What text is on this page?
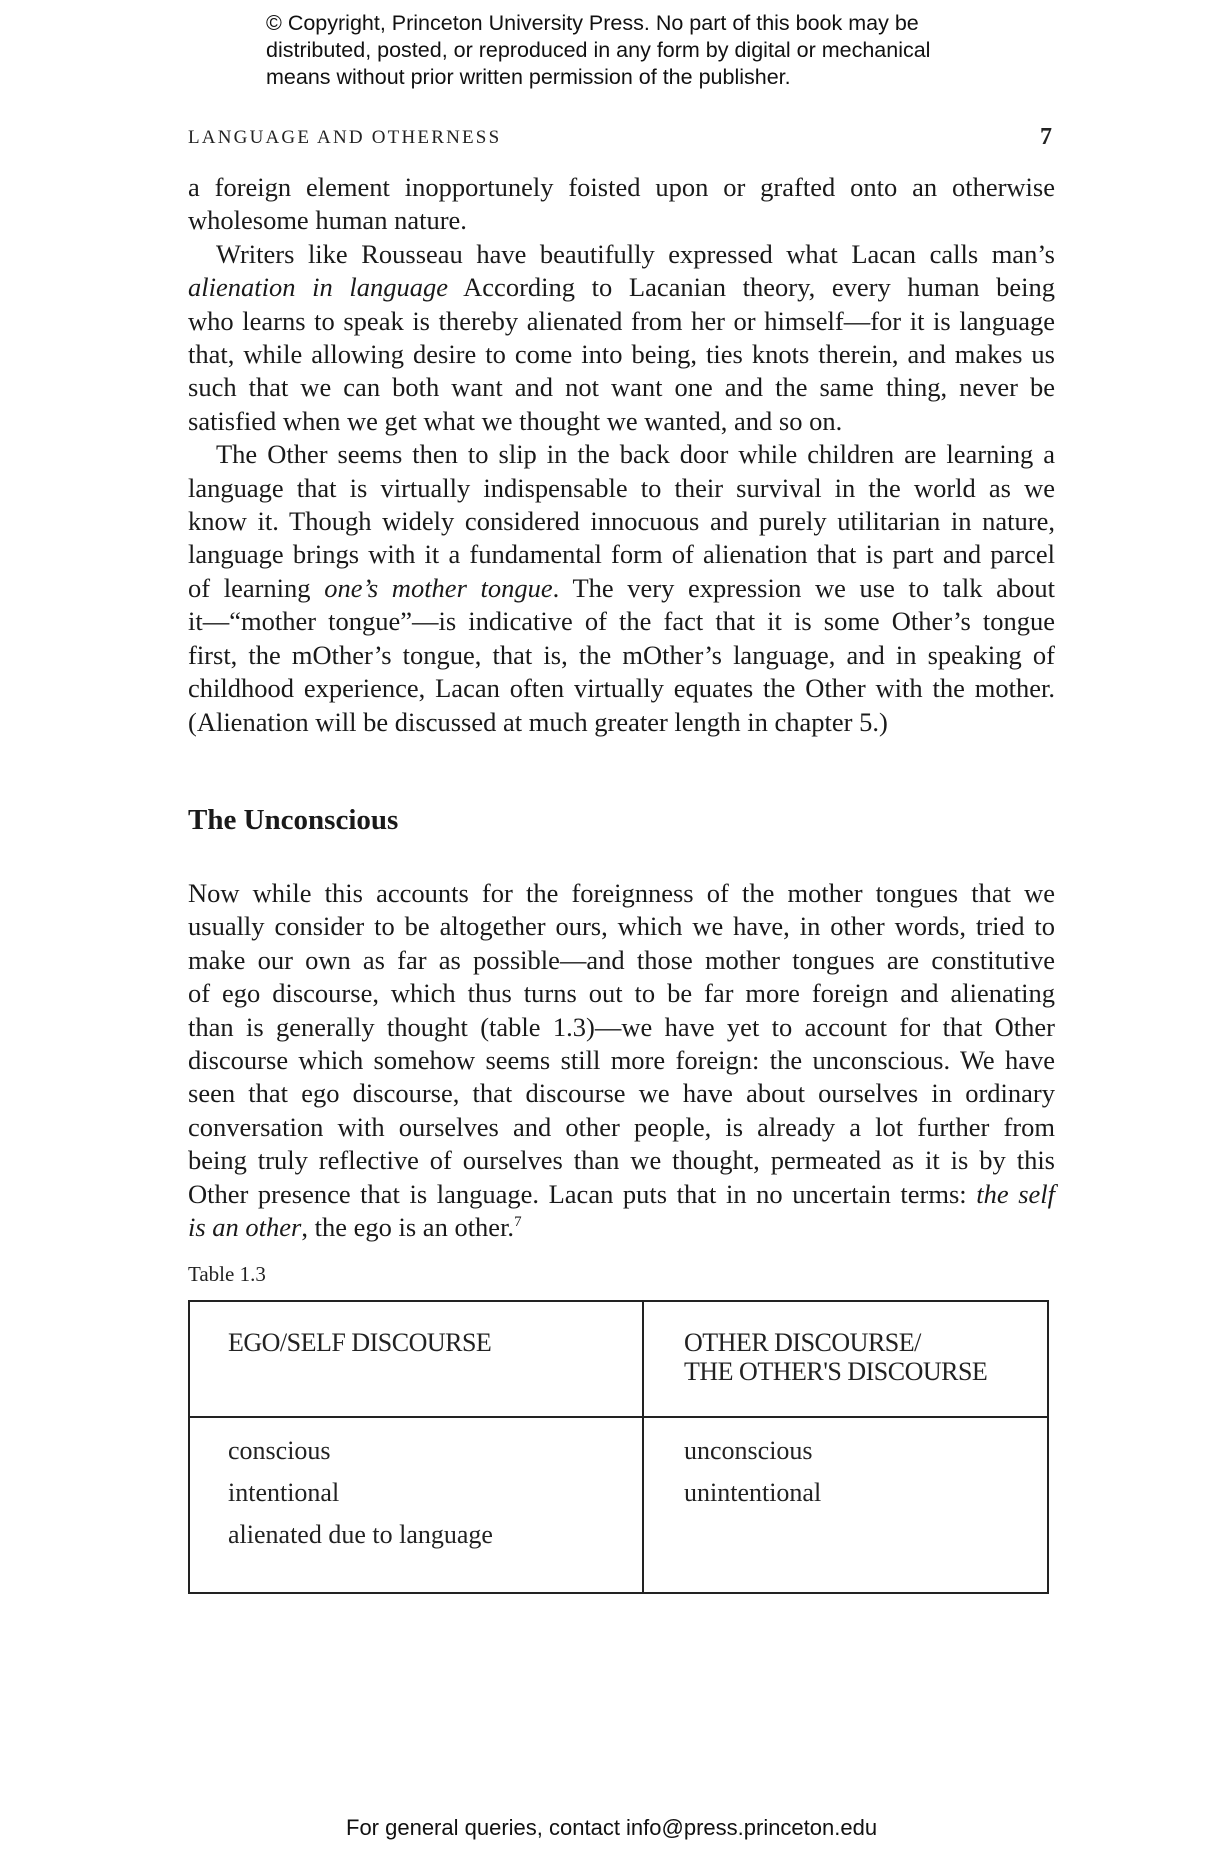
© Copyright, Princeton University Press. No part of this book may be
distributed, posted, or reproduced in any form by digital or mechanical
means without prior written permission of the publisher.
LANGUAGE AND OTHERNESS	7
a foreign element inopportunely foisted upon or grafted onto an otherwise
wholesome human nature.
Writers like Rousseau have beautifully expressed what Lacan calls man’s
alienation in language According to Lacanian theory, every human being
who learns to speak is thereby alienated from her or himself—for it is language
that, while allowing desire to come into being, ties knots therein, and makes us
such that we can both want and not want one and the same thing, never be
satisfied when we get what we thought we wanted, and so on.
The Other seems then to slip in the back door while children are learning a
language that is virtually indispensable to their survival in the world as we
know it. Though widely considered innocuous and purely utilitarian in nature,
language brings with it a fundamental form of alienation that is part and parcel
of learning one’s mother tongue. The very expression we use to talk about
it—“mother tongue”—is indicative of the fact that it is some Other’s tongue
first, the mOther’s tongue, that is, the mOther’s language, and in speaking of
childhood experience, Lacan often virtually equates the Other with the mother.
(Alienation will be discussed at much greater length in chapter 5.)
The Unconscious
Now while this accounts for the foreignness of the mother tongues that we
usually consider to be altogether ours, which we have, in other words, tried to
make our own as far as possible—and those mother tongues are constitutive
of ego discourse, which thus turns out to be far more foreign and alienating
than is generally thought (table 1.3)—we have yet to account for that Other
discourse which somehow seems still more foreign: the unconscious. We have
seen that ego discourse, that discourse we have about ourselves in ordinary
conversation with ourselves and other people, is already a lot further from
being truly reflective of ourselves than we thought, permeated as it is by this
Other presence that is language. Lacan puts that in no uncertain terms: the self
is an other, the ego is an other.$^7$
Table 1.3
EGO/SELF DISCOURSE	OTHER DISCOURSE/
THE OTHER'S DISCOURSE
conscious
intentional
alienated due to language
unconscious
unintentional
For general queries, contact info@press.princeton.edu
